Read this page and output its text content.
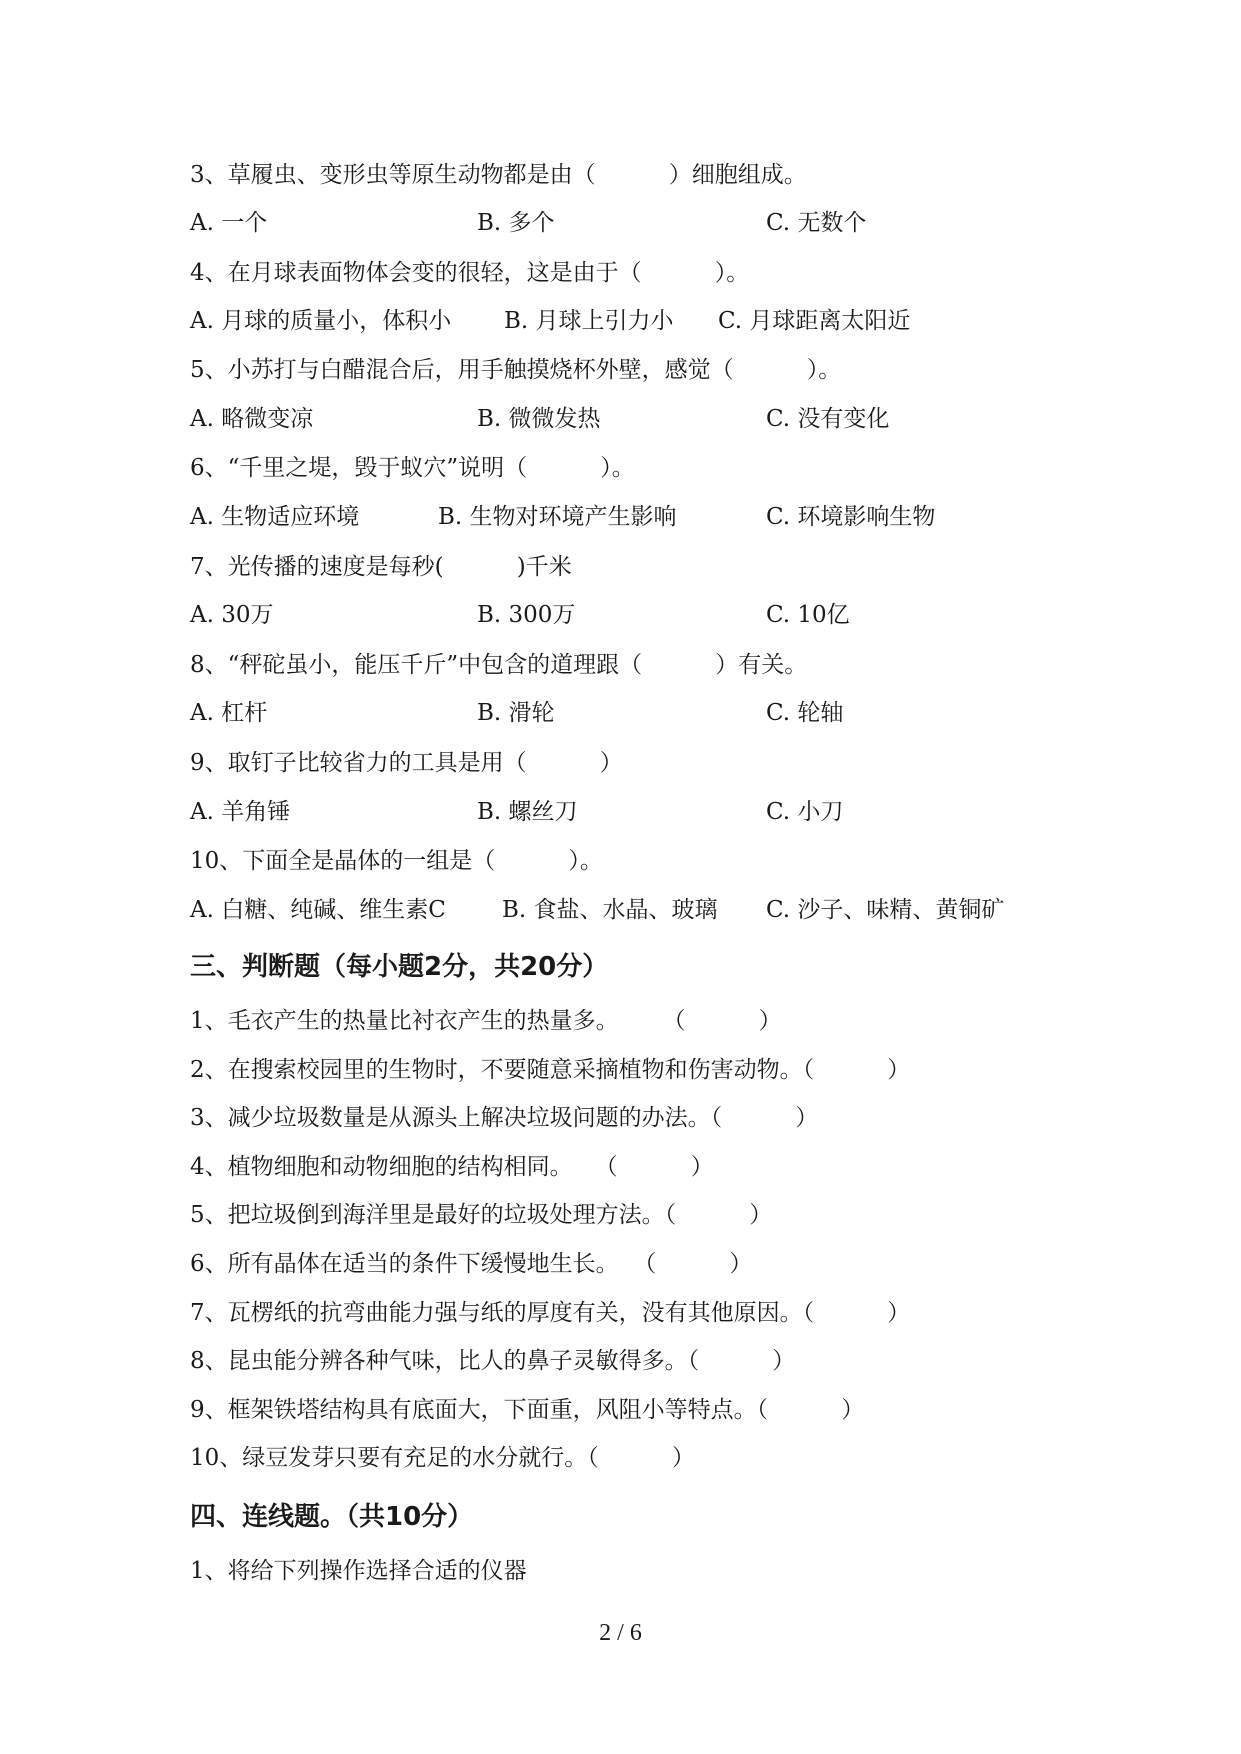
3、草履虫、变形虫等原生动物都是由（          ）细胞组成。
A. 一个	B. 多个	C. 无数个
4、在月球表面物体会变的很轻，这是由于（          ）。
A. 月球的质量小，体积小 B. 月球上引力小 C. 月球距离太阳近
5、小苏打与白醋混合后，用手触摸烧杯外壁，感觉（          ）。
A. 略微变凉	B. 微微发热	C. 没有变化
6、“千里之堤，毁于蚁穴”说明（          ）。
A. 生物适应环境	B. 生物对环境产生影响	C. 环境影响生物
7、光传播的速度是每秒(          )千米
A. 30万	B. 300万	C. 10亿
8、“秤砣虽小，能压千斤”中包含的道理跟（          ）有关。
A. 杠杆	B. 滑轮	C. 轮轴
9、取钉子比较省力的工具是用（          ）
A. 羊角锤	B. 螺丝刀	C. 小刀
10、下面全是晶体的一组是（          ）。
A. 白糖、纯碱、维生素C B. 食盐、水晶、玻璃 C. 沙子、味精、黄铜矿
三、判断题（每小题2分，共20分）
1、毛衣产生的热量比衬衣产生的热量多。      （          ）
2、在搜索校园里的生物时，不要随意采摘植物和伤害动物。（          ）
3、减少垃圾数量是从源头上解决垃圾问题的办法。（          ）
4、植物细胞和动物细胞的结构相同。   （          ）
5、把垃圾倒到海洋里是最好的垃圾处理方法。（          ）
6、所有晶体在适当的条件下缓慢地生长。  （          ）
7、瓦楞纸的抗弯曲能力强与纸的厚度有关，没有其他原因。（          ）
8、昆虫能分辨各种气味，比人的鼻子灵敏得多。（          ）
9、框架铁塔结构具有底面大，下面重，风阻小等特点。（          ）
10、绿豆发芽只要有充足的水分就行。（          ）
四、连线题。（共10分）
1、将给下列操作选择合适的仪器
2 / 6
